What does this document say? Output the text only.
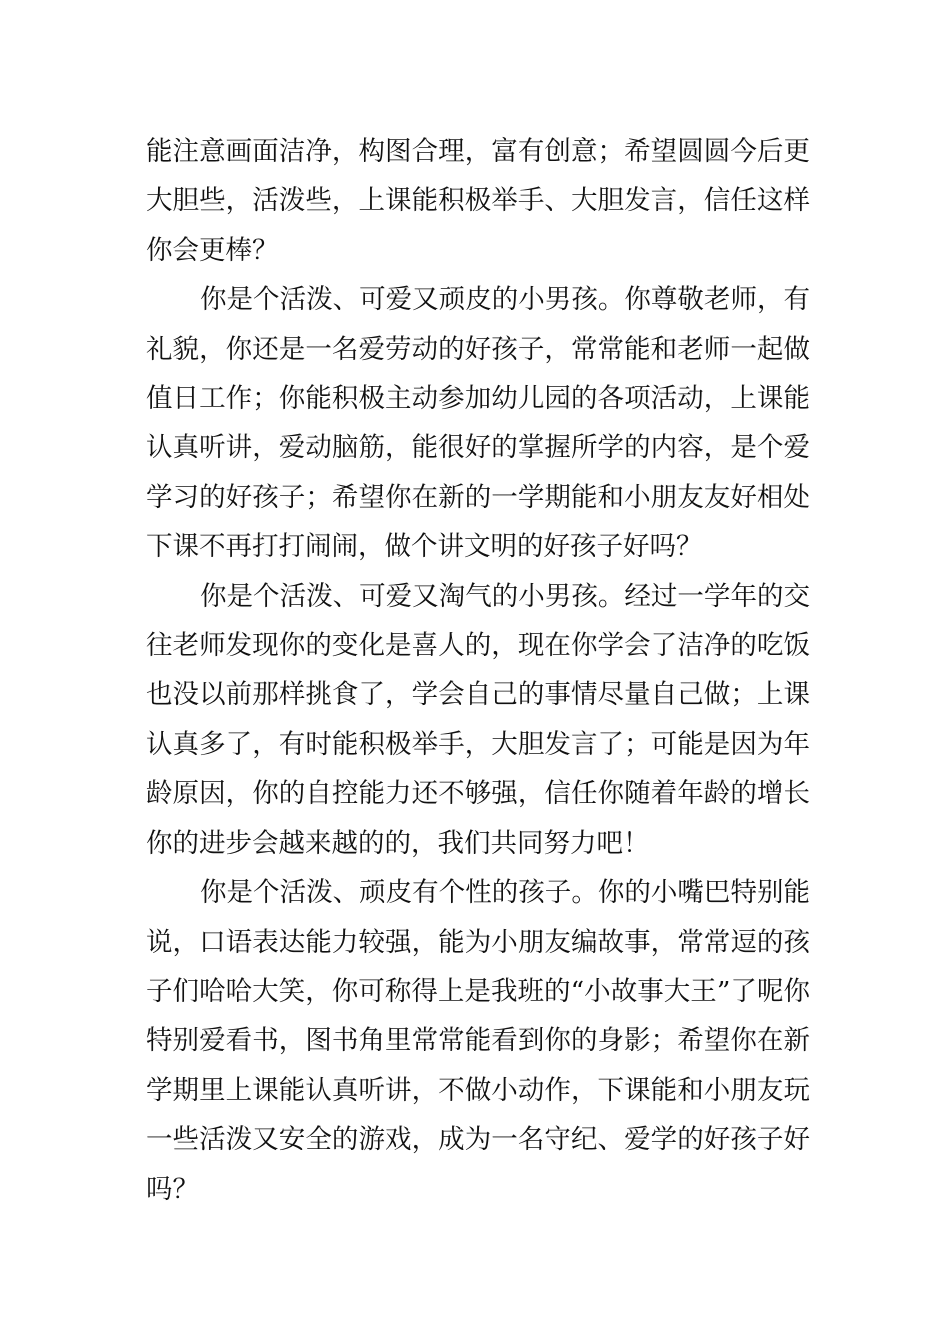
能注意画面洁净，构图合理，富有创意；希望圆圆今后更大胆些，活泼些，上课能积极举手、大胆发言，信任这样你会更棒？

你是个活泼、可爱又顽皮的小男孩。你尊敬老师，有礼貌，你还是一名爱劳动的好孩子，常常能和老师一起做值日工作；你能积极主动参加幼儿园的各项活动，上课能认真听讲，爱动脑筋，能很好的掌握所学的内容，是个爱学习的好孩子；希望你在新的一学期能和小朋友友好相处下课不再打打闹闹，做个讲文明的好孩子好吗？

你是个活泼、可爱又淘气的小男孩。经过一学年的交往老师发现你的变化是喜人的，现在你学会了洁净的吃饭也没以前那样挑食了，学会自己的事情尽量自己做；上课认真多了，有时能积极举手，大胆发言了；可能是因为年龄原因，你的自控能力还不够强，信任你随着年龄的增长你的进步会越来越的的，我们共同努力吧！

你是个活泼、顽皮有个性的孩子。你的小嘴巴特别能说，口语表达能力较强，能为小朋友编故事，常常逗的孩子们哈哈大笑，你可称得上是我班的“小故事大王”了呢你特别爱看书，图书角里常常能看到你的身影；希望你在新学期里上课能认真听讲，不做小动作，下课能和小朋友玩一些活泼又安全的游戏，成为一名守纪、爱学的好孩子好吗？
